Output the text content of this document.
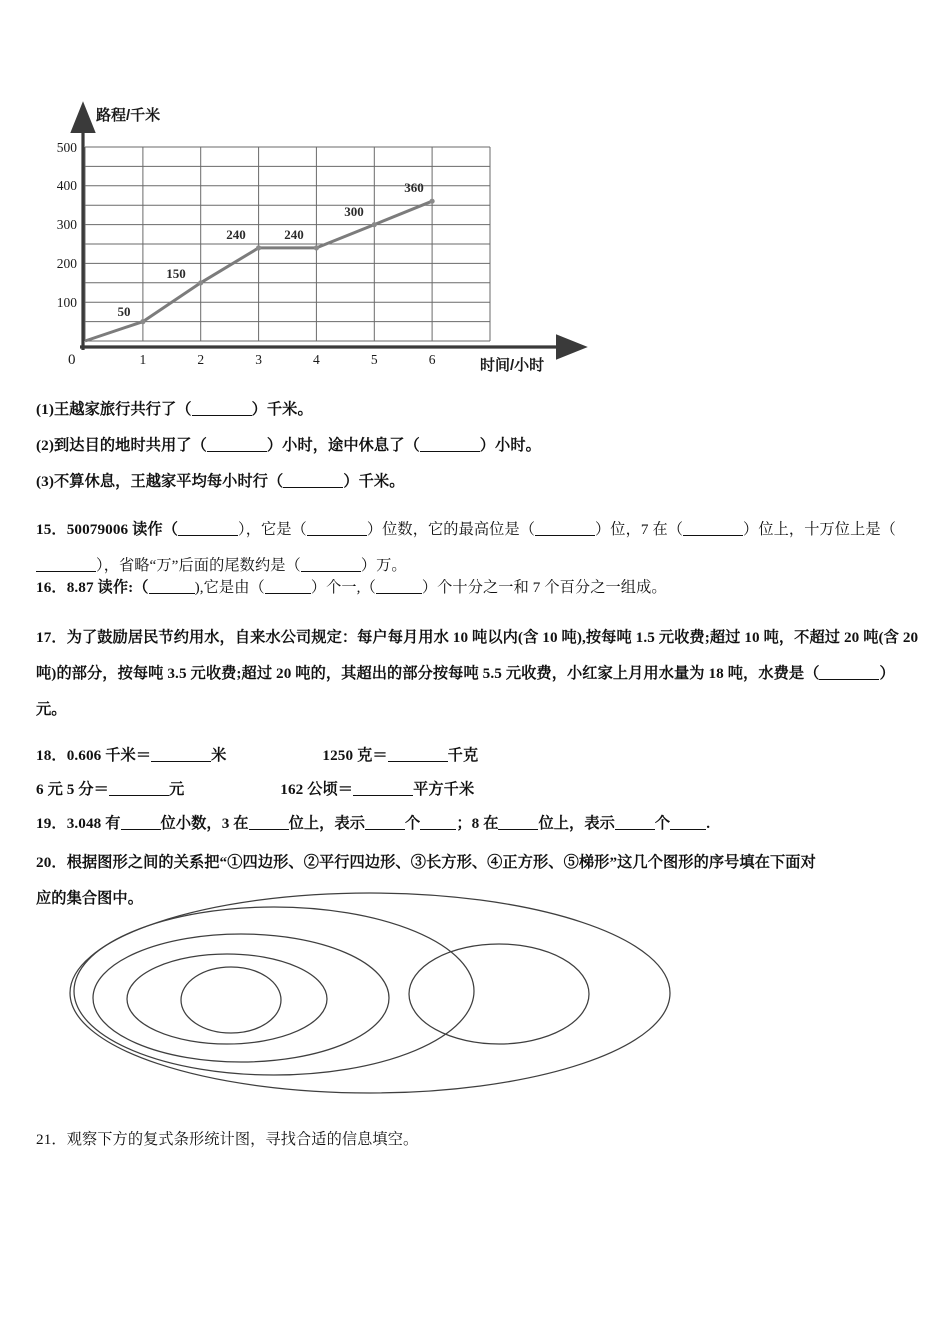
500
400
300
200
100
0	1	2	3	4	5	6
50
150
240	240
300
360
路程/千米
时间/小时
(1)王越家旅行共行了（	）千米。
(2)到达目的地时共用了（	）小时，途中休息了（	）小时。
(3)不算休息，王越家平均每小时行（	）千米。
15．50079006 读作（	），它是（	）位数，它的最高位是（	）位，7 在（	）位上，十万位上是（），省略“万”后面的尾数约是（	）万。
16．8.87 读作:（	),它是由（	）个一,（	）个十分之一和 7 个百分之一组成。
17．为了鼓励居民节约用水，自来水公司规定：每户每月用水 10 吨以内(含 10 吨),按每吨 1.5 元收费;超过 10 吨，不超过 20 吨(含 20 吨)的部分，按每吨 3.5 元收费;超过 20 吨的，其超出的部分按每吨 5.5 元收费，小红家上月用水量为 18 吨，水费是（	）元。
18．0.606 千米＝	米	1250 克＝	千克
6 元 5 分＝	元	162 公顷＝	平方千米
19．3.048 有	位小数，3 在	位上，表示	个 ；8 在	位上，表示	个 .
20．根据图形之间的关系把“①四边形、②平行四边形、③长方形、④正方形、⑤梯形”这几个图形的序号填在下面对
应的集合图中。
21．观察下方的复式条形统计图，寻找合适的信息填空。
